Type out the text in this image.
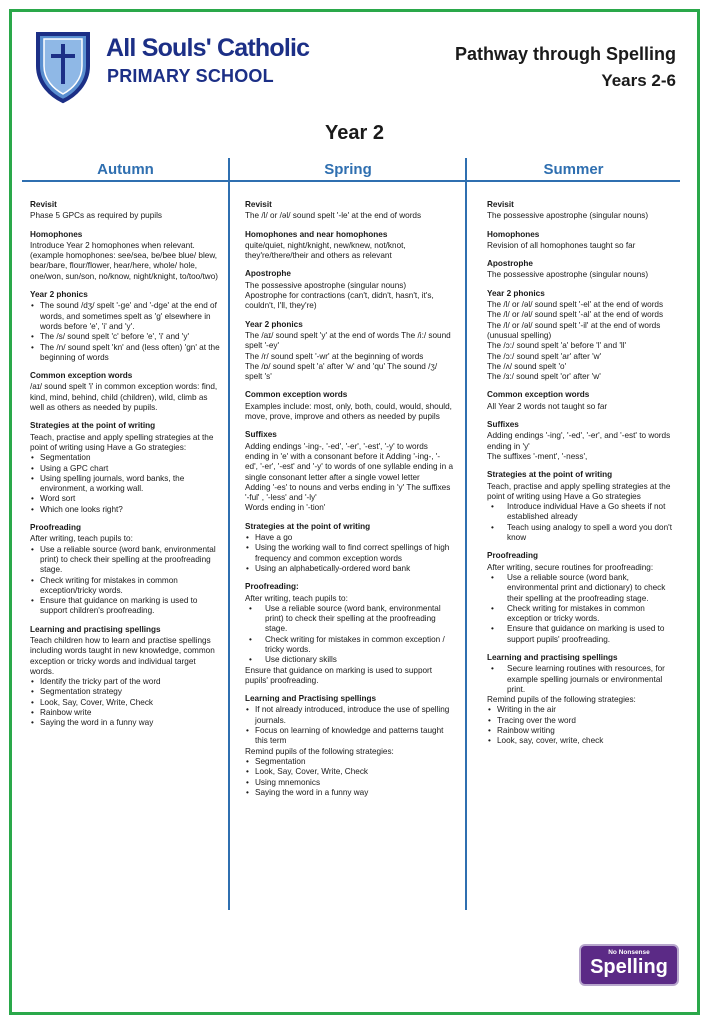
All Souls' Catholic
PRIMARY SCHOOL
Pathway through Spelling
Years 2-6
Year 2
Autumn	Spring	Summer
Revisit

Phase 5 GPCs as required by pupils

Homophones

Introduce Year 2 homophones when relevant. (example homophones: see/sea, be/bee blue/ blew, bear/bare, flour/flower, hear/here, whole/ hole, one/won, sun/son, no/know, night/knight, to/too/two)

Year 2 phonics
• The sound /dʒ/ spelt '-ge' and '-dge' at the end of words, and sometimes spelt as 'g' elsewhere in words before 'e', 'i' and 'y'.
• The /s/ sound spelt 'c' before 'e', 'i' and 'y'
• The /n/ sound spelt 'kn' and (less often) 'gn' at the beginning of words
Common exception words

/aɪ/ sound spelt 'i' in common exception words: find, kind, mind, behind, child (children), wild, climb as well as others as needed by pupils.

Strategies at the point of writing

Teach, practise and apply spelling strategies at the point of writing using Have a Go strategies:

• Segmentation
• Using a GPC chart
• Using spelling journals, word banks, the environment, a working wall.
• Word sort
• Which one looks right?
Proofreading

After writing, teach pupils to:

• Use a reliable source (word bank, environmental print) to check their spelling at the proofreading stage.
• Check writing for mistakes in common exception/tricky words.
• Ensure that guidance on marking is used to support children's proofreading.
Learning and practising spellings

Teach children how to learn and practise spellings including words taught in new knowledge, common exception or tricky words and individual target words.

• Identify the tricky part of the word
• Segmentation strategy
• Look, Say, Cover, Write, Check
• Rainbow write
• Saying the word in a funny way
Revisit

The /l/ or /əl/ sound spelt '-le' at the end of words

Homophones and near homophones

quite/quiet, night/knight, new/knew, not/knot, they're/there/their and others as relevant

Apostrophe

The possessive apostrophe (singular nouns)

Apostrophe for contractions (can't, didn't, hasn't, it's, couldn't, I'll, they're)

Year 2 phonics

The /aɪ/ sound spelt 'y' at the end of words The /i:/ sound spelt '-ey'

The /r/ sound spelt '-wr' at the beginning of words

The /ɒ/ sound spelt 'a' after 'w' and 'qu' The sound /ʒ/ spelt 's'

Common exception words

Examples include: most, only, both, could, would, should, move, prove, improve and others as needed by pupils

Suffixes

Adding endings '-ing-, '-ed', '-er', '-est', '-y' to words ending in 'e' with a consonant before it Adding '-ing-, '-ed', '-er', '-est' and '-y' to words of one syllable ending in a single consonant letter after a single vowel letter

Adding '-es' to nouns and verbs ending in 'y' The suffixes '-ful' , '-less' and '-ly'

Words ending in '-tion'

Strategies at the point of writing
• Have a go
• Using the working wall to find correct spellings of high frequency and common exception words
• Using an alphabetically-ordered word bank
Proofreading:

After writing, teach pupils to:

• Use a reliable source (word bank, environmental print) to check their spelling at the proofreading stage.
• Check writing for mistakes in common exception / tricky words.
• Use dictionary skills

Ensure that guidance on marking is used to support pupils' proofreading.

Learning and Practising spellings
• If not already introduced, introduce the use of spelling journals.
• Focus on learning of knowledge and patterns taught this term

Remind pupils of the following strategies:

• Segmentation
• Look, Say, Cover, Write, Check
• Using mnemonics
• Saying the word in a funny way
Revisit

The possessive apostrophe (singular nouns)

Homophones

Revision of all homophones taught so far

Apostrophe

The possessive apostrophe (singular nouns)

Year 2 phonics

The /l/ or /əl/ sound spelt '-el' at the end of words

The /l/ or /əl/ sound spelt '-al' at the end of words

The /l/ or /əl/ sound spelt '-il' at the end of words (unusual spelling)

The /ɔ:/ sound spelt 'a' before 'l' and 'll'

The /ɔ:/ sound spelt 'ar' after 'w'

The /ʌ/ sound spelt 'o'

The /ɜ:/ sound spelt 'or' after 'w'

Common exception words

All Year 2 words not taught so far

Suffixes

Adding endings '-ing', '-ed', '-er', and '-est' to words ending in 'y'

The suffixes '-ment', '-ness',

Strategies at the point of writing

Teach, practise and apply spelling strategies at the point of writing using Have a Go strategies

• Introduce individual Have a Go sheets if not established already
• Teach using analogy to spell a word you don't know
Proofreading

After writing, secure routines for proofreading:

• Use a reliable source (word bank, environmental print and dictionary) to check their spelling at the proofreading stage.
• Check writing for mistakes in common exception or tricky words.
• Ensure that guidance on marking is used to support pupils' proofreading.
Learning and practising spellings
• Secure learning routines with resources, for example spelling journals or environmental print.

Remind pupils of the following strategies:

• Writing in the air
• Tracing over the word
• Rainbow writing
• Look, say, cover, write, check
No Nonsense
Spelling
